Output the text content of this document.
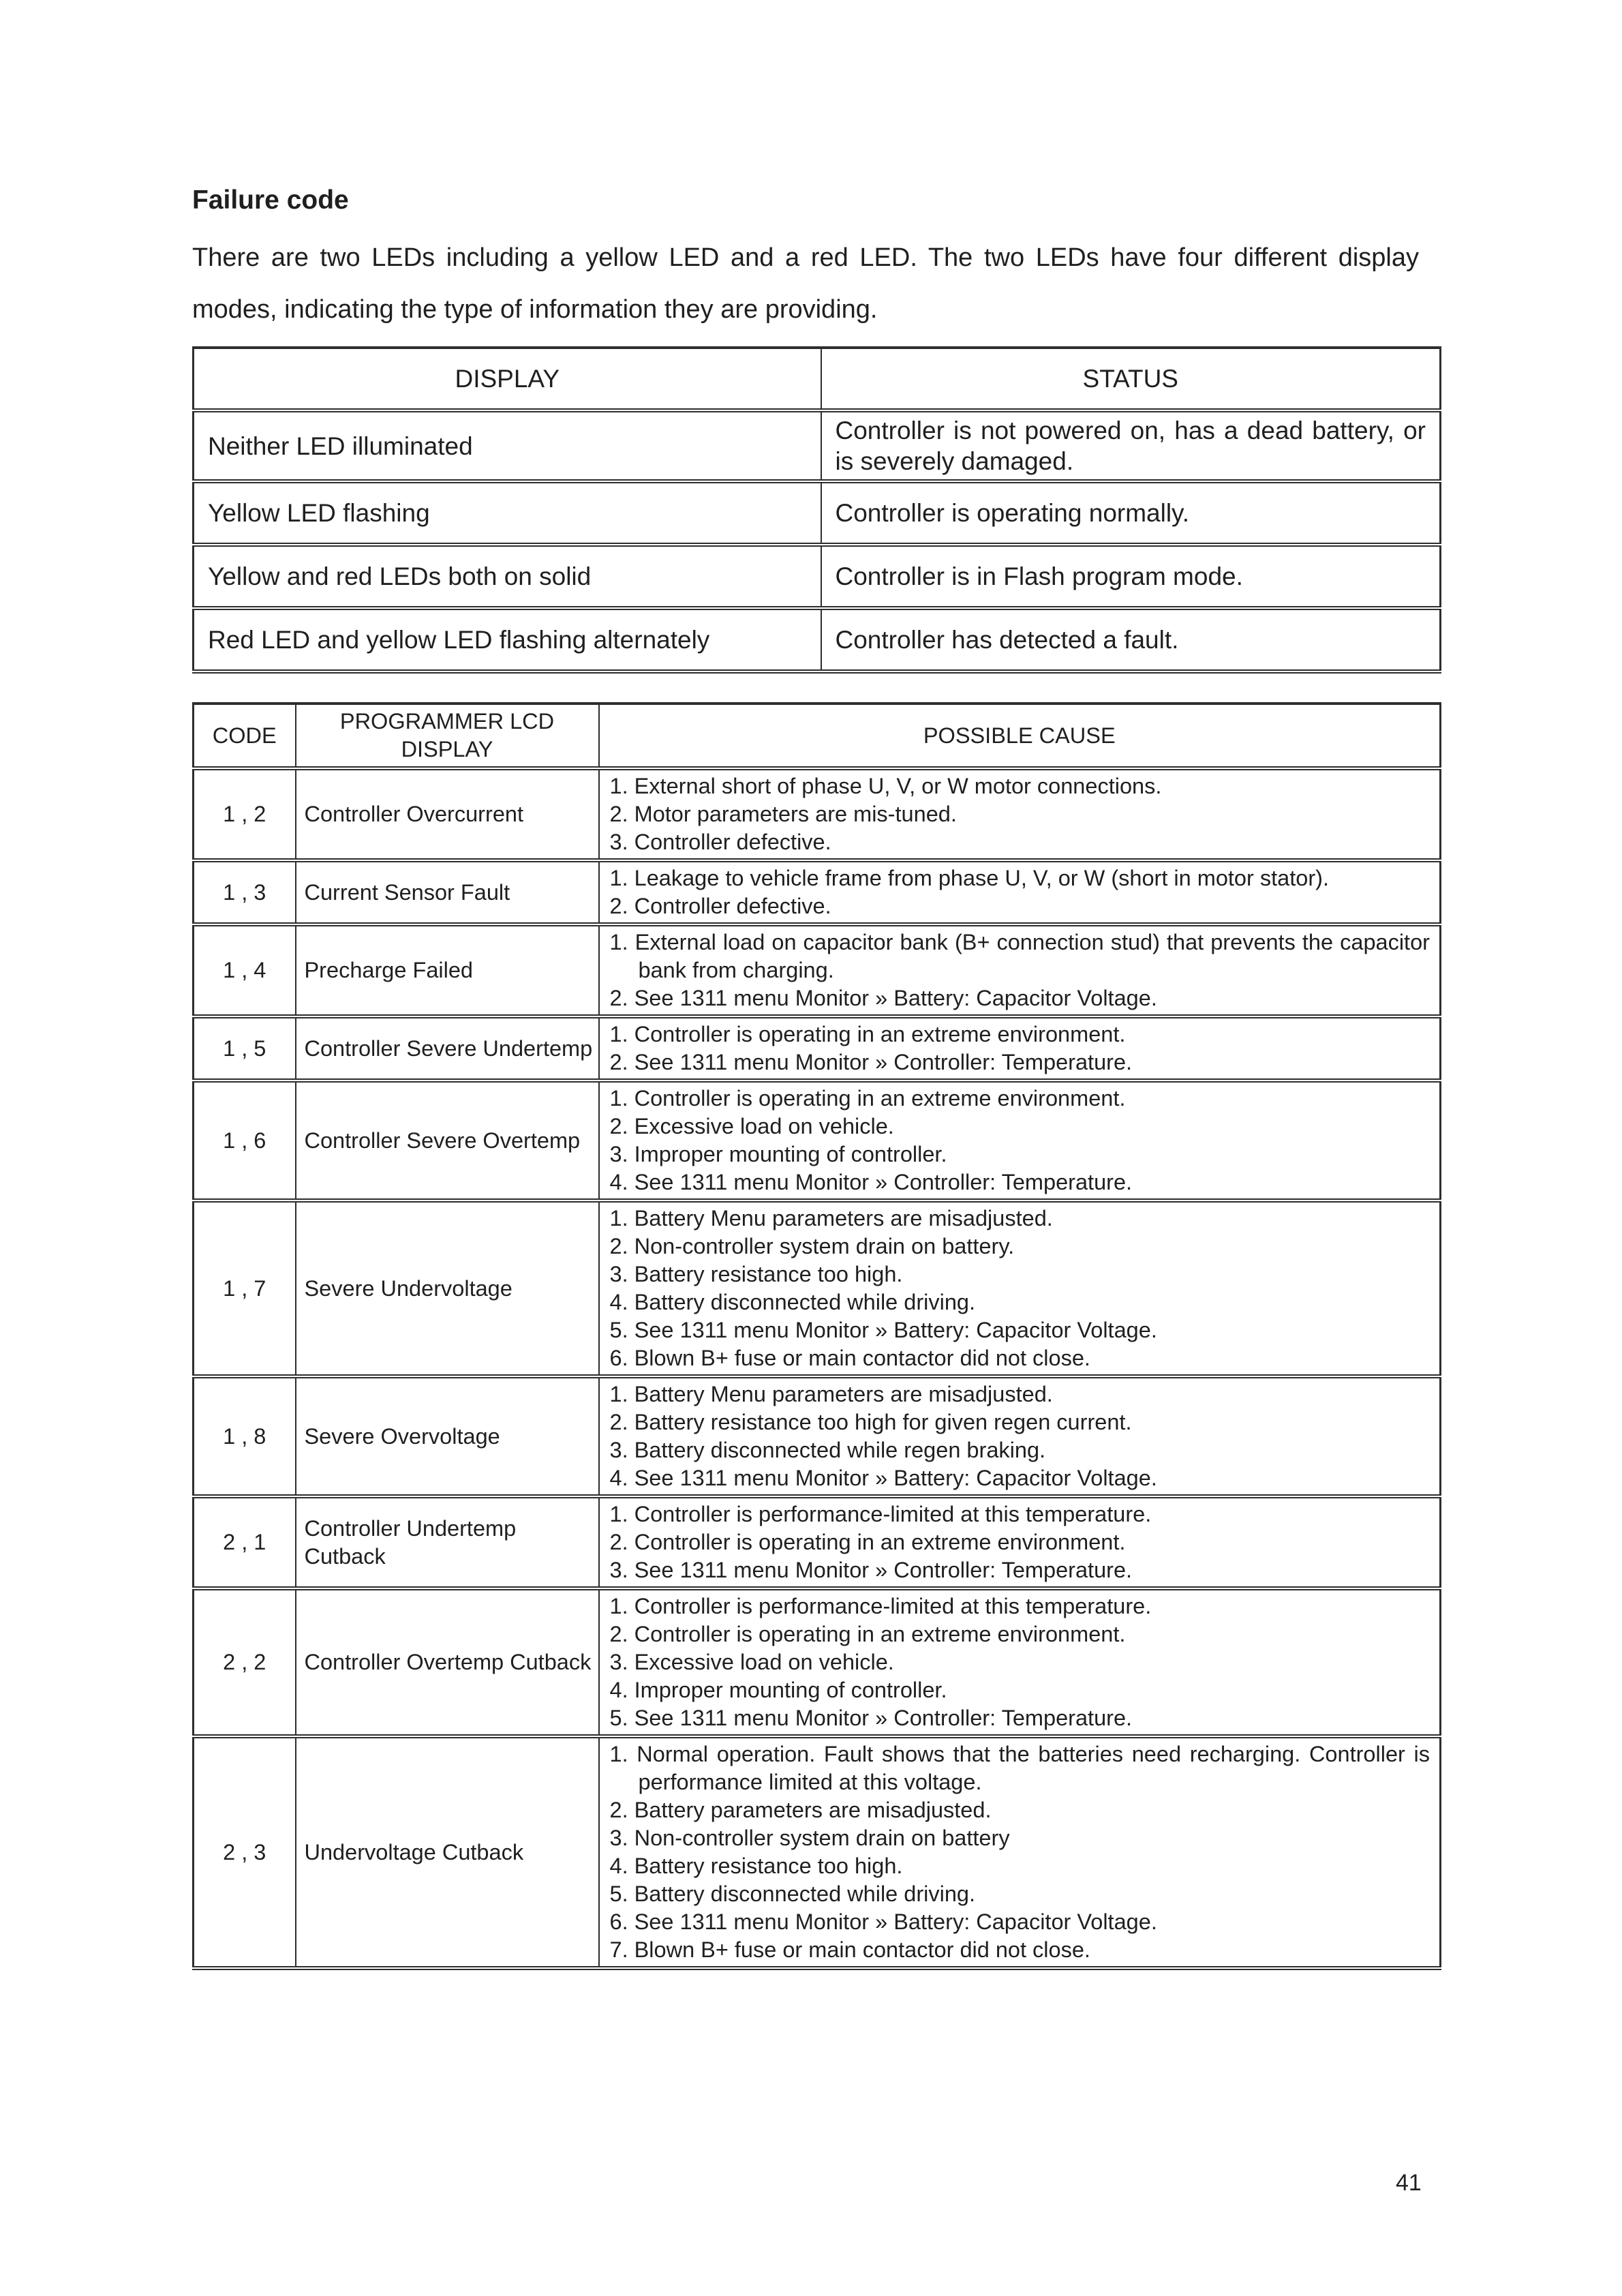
Failure code

There are two LEDs including a yellow LED and a red LED. The two LEDs have four different display modes, indicating the type of information they are providing.

DISPLAY	STATUS
Neither LED illuminated	Controller is not powered on, has a dead battery, or is severely damaged.
Yellow LED flashing	Controller is operating normally.
Yellow and red LEDs both on solid	Controller is in Flash program mode.
Red LED and yellow LED flashing alternately	Controller has detected a fault.
CODE	PROGRAMMER LCD DISPLAY	POSSIBLE CAUSE
1 , 2	Controller Overcurrent	1. External short of phase U, V, or W motor connections.
2. Motor parameters are mis-tuned.
3. Controller defective.

1 , 3	Current Sensor Fault	1. Leakage to vehicle frame from phase U, V, or W (short in motor stator).
2. Controller defective.

1 , 4	Precharge Failed	1. External load on capacitor bank (B+ connection stud) that prevents the capacitor bank from charging.
2. See 1311 menu Monitor » Battery: Capacitor Voltage.

1 , 5	Controller Severe Undertemp	1. Controller is operating in an extreme environment.
2. See 1311 menu Monitor » Controller: Temperature.

1 , 6	Controller Severe Overtemp	1. Controller is operating in an extreme environment.
2. Excessive load on vehicle.
3. Improper mounting of controller.
4. See 1311 menu Monitor » Controller: Temperature.

1 , 7	Severe Undervoltage	
1. Battery Menu parameters are misadjusted.
2. Non-controller system drain on battery.
3. Battery resistance too high.
4. Battery disconnected while driving.
5. See 1311 menu Monitor » Battery: Capacitor Voltage.
6. Blown B+ fuse or main contactor did not close.

1 , 8	Severe Overvoltage	1. Battery Menu parameters are misadjusted.
2. Battery resistance too high for given regen current.
3. Battery disconnected while regen braking.
4. See 1311 menu Monitor » Battery: Capacitor Voltage.

2 , 1	Controller Undertemp Cutback	1. Controller is performance-limited at this temperature.
2. Controller is operating in an extreme environment.
3. See 1311 menu Monitor » Controller: Temperature.

2 , 2	Controller Overtemp Cutback	1. Controller is performance-limited at this temperature.
2. Controller is operating in an extreme environment.
3. Excessive load on vehicle.
4. Improper mounting of controller.
5. See 1311 menu Monitor » Controller: Temperature.

2 , 3	Undervoltage Cutback	
1. Normal operation. Fault shows that the batteries need recharging. Controller is performance limited at this voltage.
2. Battery parameters are misadjusted.
3. Non-controller system drain on battery
4. Battery resistance too high.
5. Battery disconnected while driving.
6. See 1311 menu Monitor » Battery: Capacitor Voltage.
7. Blown B+ fuse or main contactor did not close.
41
